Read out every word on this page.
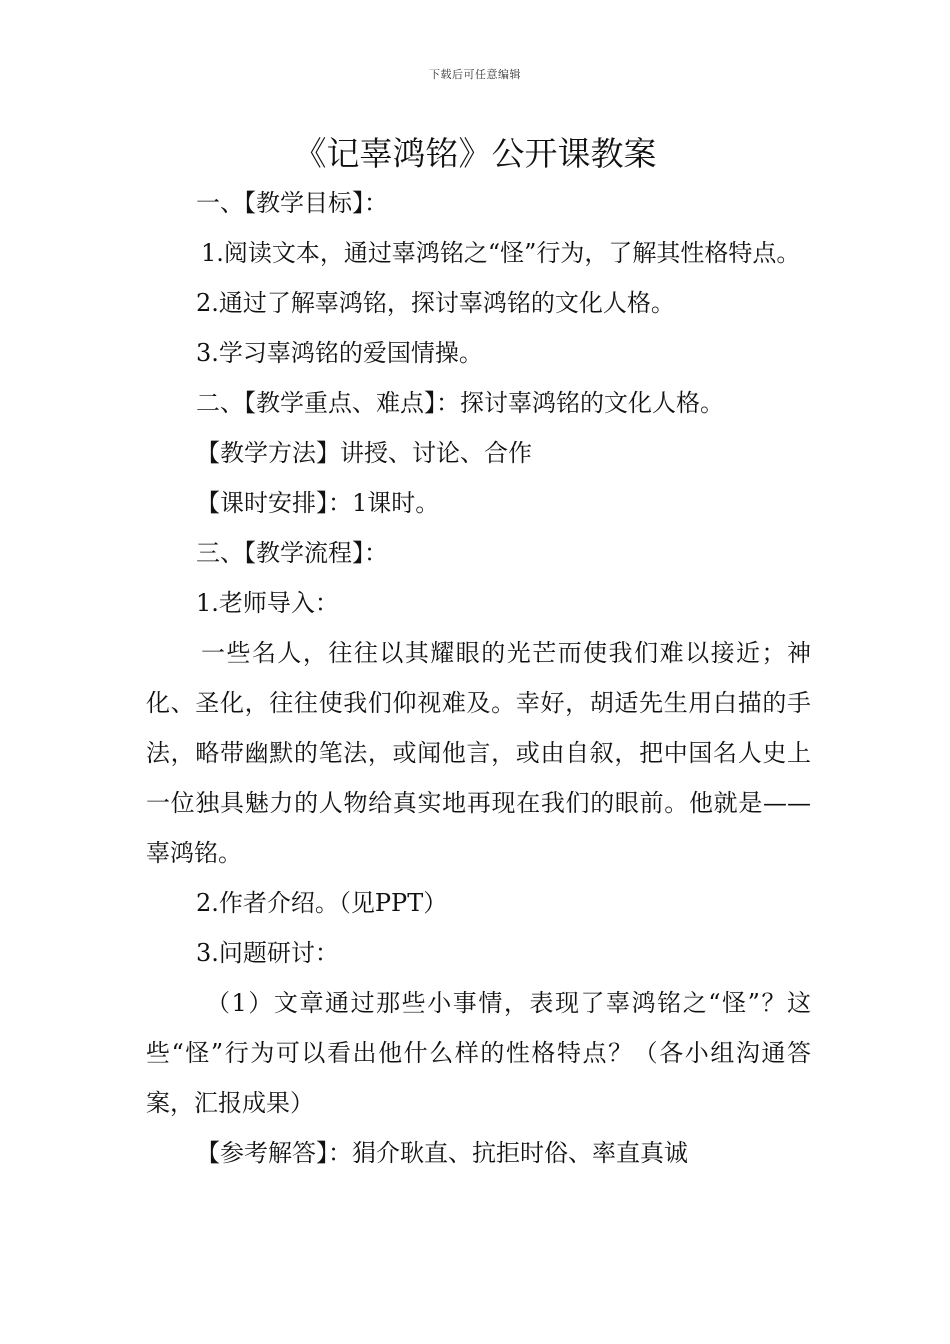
下载后可任意编辑
《记辜鸿铭》公开课教案

一、【教学目标】：

1.阅读文本，通过辜鸿铭之“怪”行为，了解其性格特点。

2.通过了解辜鸿铭，探讨辜鸿铭的文化人格。

3.学习辜鸿铭的爱国情操。

二、【教学重点、难点】：探讨辜鸿铭的文化人格。

【教学方法】讲授、讨论、合作

【课时安排】：1课时。

三、【教学流程】：

1.老师导入：

一些名人，往往以其耀眼的光芒而使我们难以接近；神化、圣化，往往使我们仰视难及。幸好，胡适先生用白描的手法，略带幽默的笔法，或闻他言，或由自叙，把中国名人史上一位独具魅力的人物给真实地再现在我们的眼前。他就是——辜鸿铭。

2.作者介绍。（见PPT）

3.问题研讨：

（1）文章通过那些小事情，表现了辜鸿铭之“怪”？这些“怪”行为可以看出他什么样的性格特点？（各小组沟通答案，汇报成果）

【参考解答】：狷介耿直、抗拒时俗、率直真诚
